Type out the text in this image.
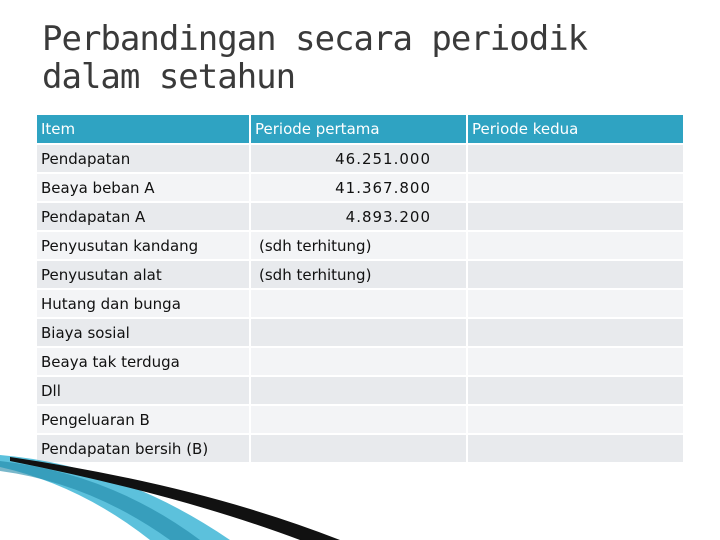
Perbandingan secara periodik
dalam setahun
Item	Periode pertama	Periode kedua
Pendapatan	46.251.000	
Beaya beban A	41.367.800	
Pendapatan A	4.893.200	
Penyusutan kandang	(sdh terhitung)	
Penyusutan alat	(sdh terhitung)	
Hutang dan bunga		
Biaya sosial		
Beaya tak terduga		
Dll		
Pengeluaran B		
Pendapatan bersih (B)		
